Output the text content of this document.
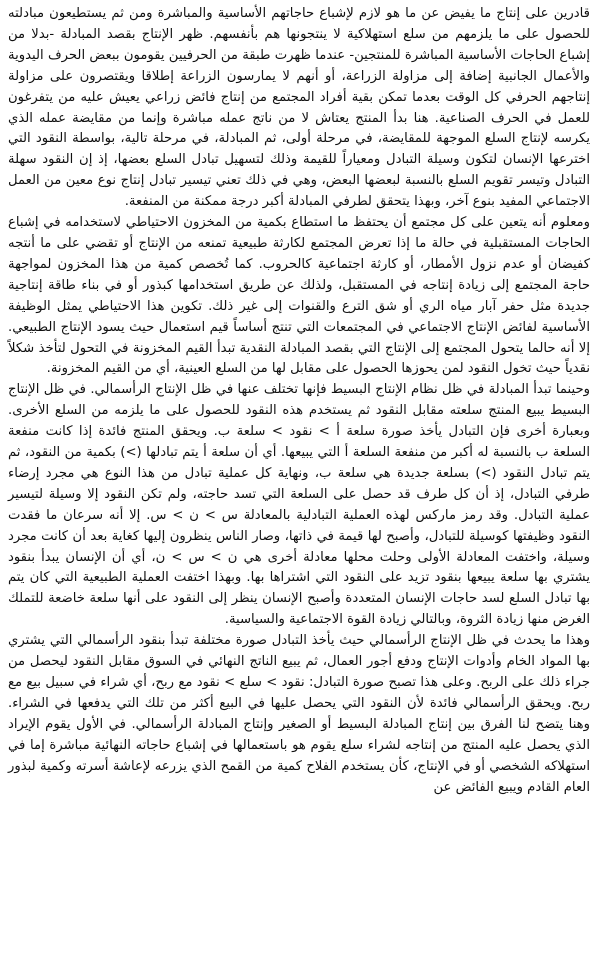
قادرين على إنتاج ما يفيض عن ما هو لازم لإشباع حاجاتهم الأساسية والمباشرة ومن ثم يستطيعون مبادلته للحصول على ما يلزمهم من سلع استهلاكية لا ينتجونها هم بأنفسهم. ظهر الإنتاج بقصد المبادلة -بدلا من إشباع الحاجات الأساسية المباشرة للمنتجين- عندما ظهرت طبقة من الحرفيين يقومون ببعض الحرف اليدوية والأعمال الجانبية إضافة إلى مزاولة الزراعة، أو أنهم لا يمارسون الزراعة إطلاقا ويقتصرون على مزاولة إنتاجهم الحرفي كل الوقت بعدما تمكن بقية أفراد المجتمع من إنتاج فائض زراعي يعيش عليه من يتفرغون للعمل في الحرف الصناعية. هنا بدأ المنتج يعتاش لا من ناتج عمله مباشرة وإنما من مقايضة عمله الذي يكرسه لإنتاج السلع الموجهة للمقايضة، في مرحلة أولى، ثم المبادلة، في مرحلة تالية، بواسطة النقود التي اخترعها الإنسان لتكون وسيلة التبادل ومعياراً للقيمة وذلك لتسهيل تبادل السلع بعضها، إذ إن النقود سهلة التبادل وتيسر تقويم السلع بالنسبة لبعضها البعض، وهي في ذلك تعني تيسير تبادل إنتاج نوع معين من العمل الاجتماعي المفيد بنوع آخر، وبهذا يتحقق لطرفي المبادلة أكبر درجة ممكنة من المنفعة.

ومعلوم أنه يتعين على كل مجتمع أن يحتفظ ما استطاع بكمية من المخزون الاحتياطي لاستخدامه في إشباع الحاجات المستقبلية في حالة ما إذا تعرض المجتمع لكارثة طبيعية تمنعه من الإنتاج أو تقضي على ما أنتجه كفيضان أو عدم نزول الأمطار، أو كارثة اجتماعية كالحروب. كما تُخصص كمية من هذا المخزون لمواجهة حاجة المجتمع إلى زيادة إنتاجه في المستقبل، ولذلك عن طريق استخدامها كبذور أو في بناء طاقة إنتاجية جديدة مثل حفر آبار مياه الري أو شق الترع والقنوات إلى غير ذلك. تكوين هذا الاحتياطي يمثل الوظيفة الأساسية لفائض الإنتاج الاجتماعي في المجتمعات التي تنتج أساساً قيم استعمال حيث يسود الإنتاج الطبيعي. إلا أنه حالما يتحول المجتمع إلى الإنتاج التي بقصد المبادلة النقدية تبدأ القيم المخزونة في التحول لتأخذ شكلاً نقدياً حيث تخول النقود لمن يحوزها الحصول على مقابل لها من السلع العينية، أي من القيم المخزونة.

وحينما تبدأ المبادلة في ظل نظام الإنتاج البسيط فإنها تختلف عنها في ظل الإنتاج الرأسمالي. في ظل الإنتاج البسيط يبيع المنتج سلعته مقابل النقود ثم يستخدم هذه النقود للحصول على ما يلزمه من السلع الأخرى. وبعبارة أخرى فإن التبادل يأخذ صورة سلعة أ > نقود > سلعة ب. ويحقق المنتج فائدة إذا كانت منفعة السلعة ب بالنسبة له أكبر من منفعة السلعة أ التي يبيعها. أي أن سلعة أ يتم تبادلها (>) بكمية من النقود، ثم يتم تبادل النقود (>) بسلعة جديدة هي سلعة ب، ونهاية كل عملية تبادل من هذا النوع هي مجرد إرضاء طرفي التبادل، إذ أن كل طرف قد حصل على السلعة التي تسد حاجته، ولم تكن النقود إلا وسيلة لتيسير عملية التبادل. وقد رمز ماركس لهذه العملية التبادلية بالمعادلة س > ن > س. إلا أنه سرعان ما فقدت النقود وظيفتها كوسيلة للتبادل، وأصبح لها قيمة في ذاتها، وصار الناس ينظرون إليها كغاية بعد أن كانت مجرد وسيلة، واختفت المعادلة الأولى وحلت محلها معادلة أخرى هي ن > س > ن، أي أن الإنسان يبدأ بنقود يشتري بها سلعة يبيعها بنقود تزيد على النقود التي اشتراها بها. وبهذا اختفت العملية الطبيعية التي كان يتم بها تبادل السلع لسد حاجات الإنسان المتعددة وأصبح الإنسان ينظر إلى النقود على أنها سلعة خاضعة للتملك الغرض منها زيادة الثروة، وبالتالي زيادة القوة الاجتماعية والسياسية.

وهذا ما يحدث في ظل الإنتاج الرأسمالي حيث يأخذ التبادل صورة مختلفة تبدأ بنقود الرأسمالي التي يشتري بها المواد الخام وأدوات الإنتاج ودفع أجور العمال، ثم يبيع الناتج النهائي في السوق مقابل النقود ليحصل من جراء ذلك على الربح. وعلى هذا تصبح صورة التبادل: نقود > سلع > نقود مع ربح، أي شراء في سبيل بيع مع ربح. ويحقق الرأسمالي فائدة لأن النقود التي يحصل عليها في البيع أكثر من تلك التي يدفعها في الشراء. وهنا يتضح لنا الفرق بين إنتاج المبادلة البسيط أو الصغير وإنتاج المبادلة الرأسمالي. في الأول يقوم الإيراد الذي يحصل عليه المنتج من إنتاجه لشراء سلع يقوم هو باستعمالها في إشباع حاجاته النهائية مباشرة إما في استهلاكه الشخصي أو في الإنتاج، كأن يستخدم الفلاح كمية من القمح الذي يزرعه لإعاشة أسرته وكمية لبذور العام القادم ويبيع الفائض عن
